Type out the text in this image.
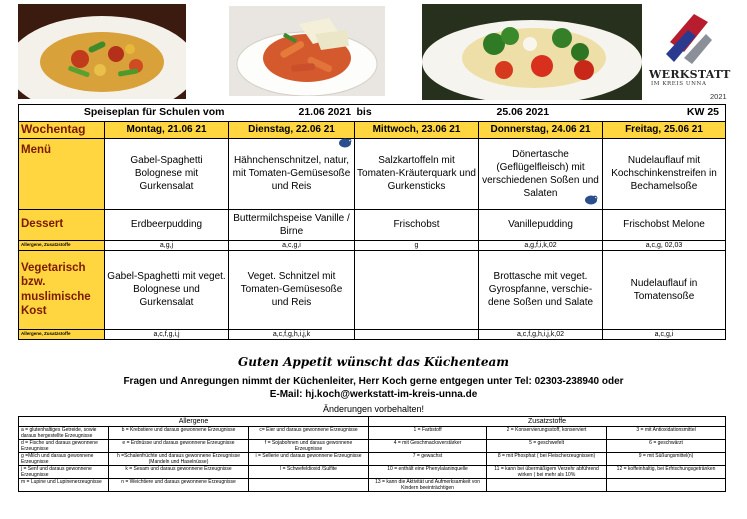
WERKSTATT
IM KREIS UNNA
2021
Speiseplan für Schulen vom		21.06 2021	bis	25.06 2021	KW 25
Wochentag	Montag, 21.06 21	Dienstag, 22.06 21	Mittwoch, 23.06 21	Donnerstag, 24.06 21	Freitag, 25.06 21
Menü	Gabel-Spaghetti Bolognese mit Gurkensalat	Hähnchenschnitzel, natur, mit Tomaten-Gemüsesoße und Reis	Salzkartoffeln mit Tomaten-Kräuterquark und Gurkensticks	Dönertasche (Geflügelfleisch) mit verschiedenen Soßen und Salaten	Nudelauflauf mit Kochschinkenstreifen in Bechamelsoße

Dessert	Erdbeerpudding	Buttermilchspeise Vanille / Birne	Frischobst	Vanillepudding	Frischobst Melone
Allergene, Zusatzstoffe	a,g,j	a,c,g,i	g	a,g,f,i,k,02	a,c,g, 02,03
Vegetarisch bzw. muslimische Kost	Gabel-Spaghetti mit veget. Bolognese und Gurkensalat	Veget. Schnitzel mit Tomaten-Gemüsesoße und Reis		Brottasche mit veget. Gyrospfanne, verschie-dene Soßen und Salate	Nudelauflauf in Tomatensoße
Allergene, Zusatzstoffe	a,c,f,g,i,j	a,c,f,g,h,i,j,k		a,c,f,g,h,i,j,k,02	a,c,g,i
Guten Appetit wünscht das Küchenteam
Fragen und Anregungen nimmt der Küchenleiter, Herr Koch gerne entgegen unter Tel: 02303-238940 oder
E-Mail: hj.koch@werkstatt-im-kreis-unna.de
Änderungen vorbehalten!
Allergene			Zusatzstoffe		
a = glutenhaltiges Getreide, sowie daraus hergestellte Erzeugnisse	b = Krebstiere und daraus gewonnene Erzeugnisse	c= Eier und daraus gewonnene Erzeugnisse	1 = Farbstoff	2 = Konservierungsstoff, konserviert	3 = mit Antioxidationsmittel
d = Fische und daraus gewonnene Erzeugnisse	e = Erdnüsse und daraus gewonnene Erzeugnisse	f = Sojabohnen und daraus gewonnene Erzeugnisse	4 = mit Geschmacksverstärker	5 = geschwefelt	6 = geschwärzt
g =Milch und daraus gewonnene Erzeugnisse	h =Schalenfrüchte und daraus gewonnene Erzeugnisse (Mandeln und Haselnüsse)	i = Sellerie und daraus gewonnene Erzeugnisse	7 = gewachst	8 = mit Phosphat ( bei Fleischerzeugnissen)	9 = mit Süßungsmittel(n)
j = Senf und daraus gewonnene Erzeugnisse	k = Sesam und daraus gewonnene Erzeugnisse	l = Schwefeldioxid /Sulfite	10 = enthält eine Phenylalaninquelle	11 = kann bei übermäßigem Verzehr abführend wirken ( bei mehr als 10%	12 = koffeinhaltig, bei Erfrischungsgetränken
m = Lupine und Lupinenerzeugnisse	n = Weichtiere und daraus gewonnene Erzeugnisse		13 = kann die Aktivität und Aufmerksamkeit von Kindern beeinträchtigen		
